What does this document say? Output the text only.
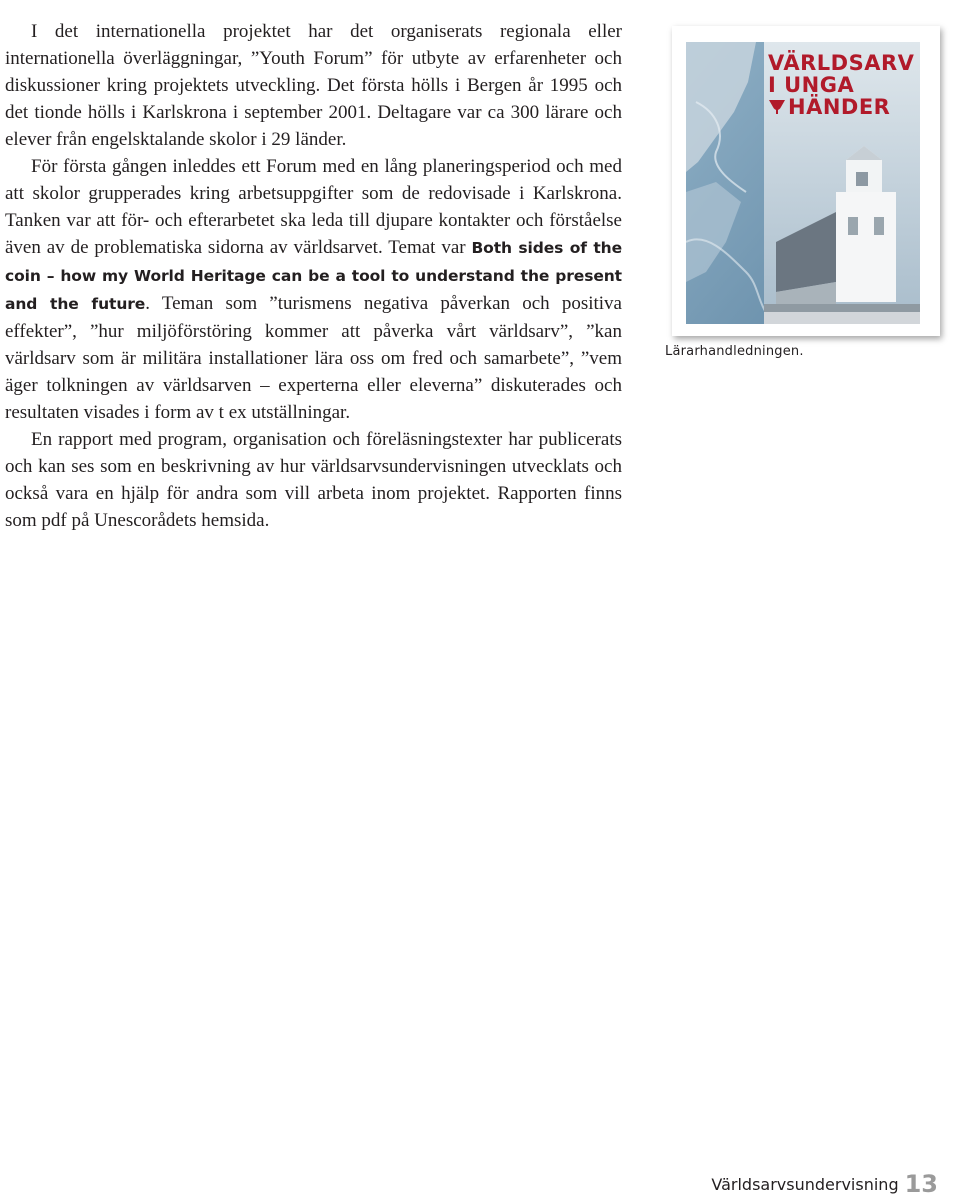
I det internationella projektet har det organiserats regionala eller internationella överläggningar, ”Youth Forum” för utbyte av erfarenheter och diskussioner kring projektets utveckling. Det första hölls i Bergen år 1995 och det tionde hölls i Karlskrona i september 2001. Deltagare var ca 300 lärare och elever från engelsktalande skolor i 29 länder.

För första gången inleddes ett Forum med en lång planeringsperiod och med att skolor grupperades kring arbetsuppgifter som de redovisade i Karlskrona. Tanken var att för- och efterarbetet ska leda till djupare kontakter och förståelse även av de problematiska sidorna av världsarvet. Temat var Both sides of the coin – how my World Heritage can be a tool to understand the present and the future. Teman som ”turismens negativa påverkan och positiva effekter”, ”hur miljöförstöring kommer att påverka vårt världsarv”, ”kan världsarv som är militära installationer lära oss om fred och samarbete”, ”vem äger tolkningen av världsarven – experterna eller eleverna” diskuterades och resultaten visades i form av t ex utställningar.

En rapport med program, organisation och föreläsningstexter har publicerats och kan ses som en beskrivning av hur världsarvsundervisningen utvecklats och också vara en hjälp för andra som vill arbeta inom projektet. Rapporten finns som pdf på Unescorådets hemsida.

VÄRLDSARV
I UNGA
HÄNDER
Lärarhandledningen.
Världsarvsundervisning 13
